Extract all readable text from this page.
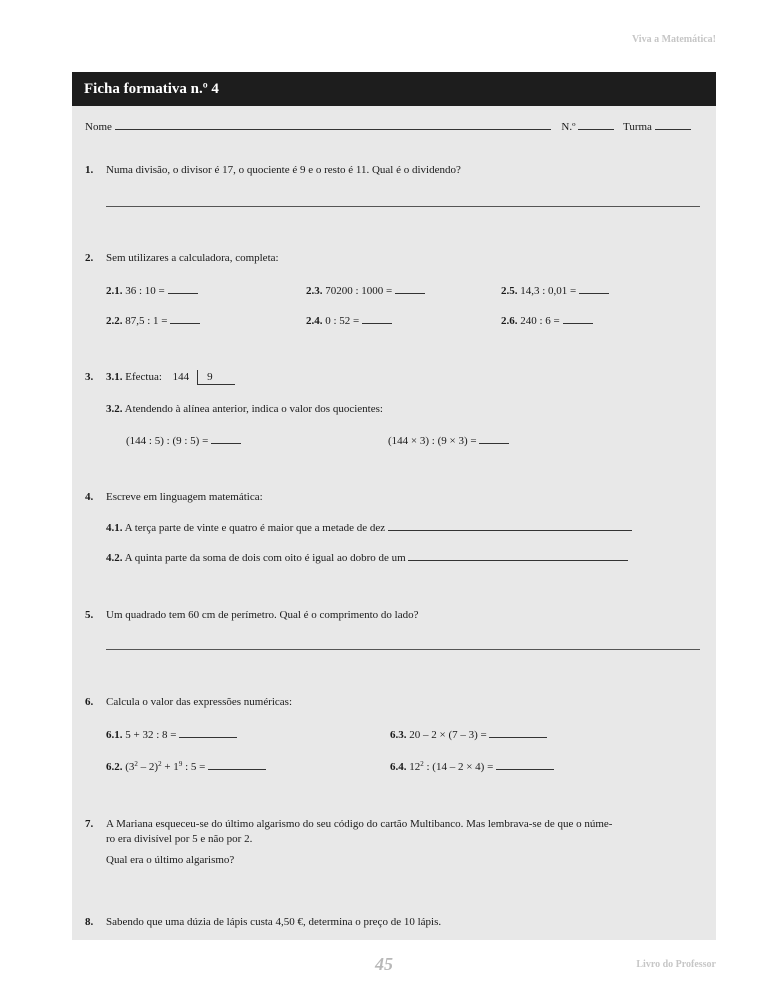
Viva a Matemática!
Ficha formativa n.º 4
Nome	N.º	Turma
1. Numa divisão, o divisor é 17, o quociente é 9 e o resto é 11. Qual é o dividendo?
2. Sem utilizares a calculadora, completa:
2.1. 36 : 10 =
2.2. 87,5 : 1 =
2.3. 70200 : 1000 =
2.4. 0 : 52 =
2.5. 14,3 : 0,01 =
2.6. 240 : 6 =
3. 3.1. Efectua: 144 9
3.2. Atendendo à alínea anterior, indica o valor dos quocientes:
(144 : 5) : (9 : 5) =	(144 × 3) : (9 × 3) =
4. Escreve em linguagem matemática:
4.1. A terça parte de vinte e quatro é maior que a metade de dez
4.2. A quinta parte da soma de dois com oito é igual ao dobro de um
5. Um quadrado tem 60 cm de perímetro. Qual é o comprimento do lado?
6. Calcula o valor das expressões numéricas:
6.1. 5 + 32 : 8 =
6.2. $(3^2 - 2)^2 + 1^9$ : 5 =
6.3. 20 – 2 × (7 – 3) =
6.4. $12^2$ : (14 – 2 × 4) =
7. A Mariana esqueceu-se do último algarismo do seu código do cartão Multibanco. Mas lembrava-se de que o núme-
ro era divisível por 5 e não por 2.
Qual era o último algarismo?
8. Sabendo que uma dúzia de lápis custa 4,50 €, determina o preço de 10 lápis.
45	Livro do Professor
